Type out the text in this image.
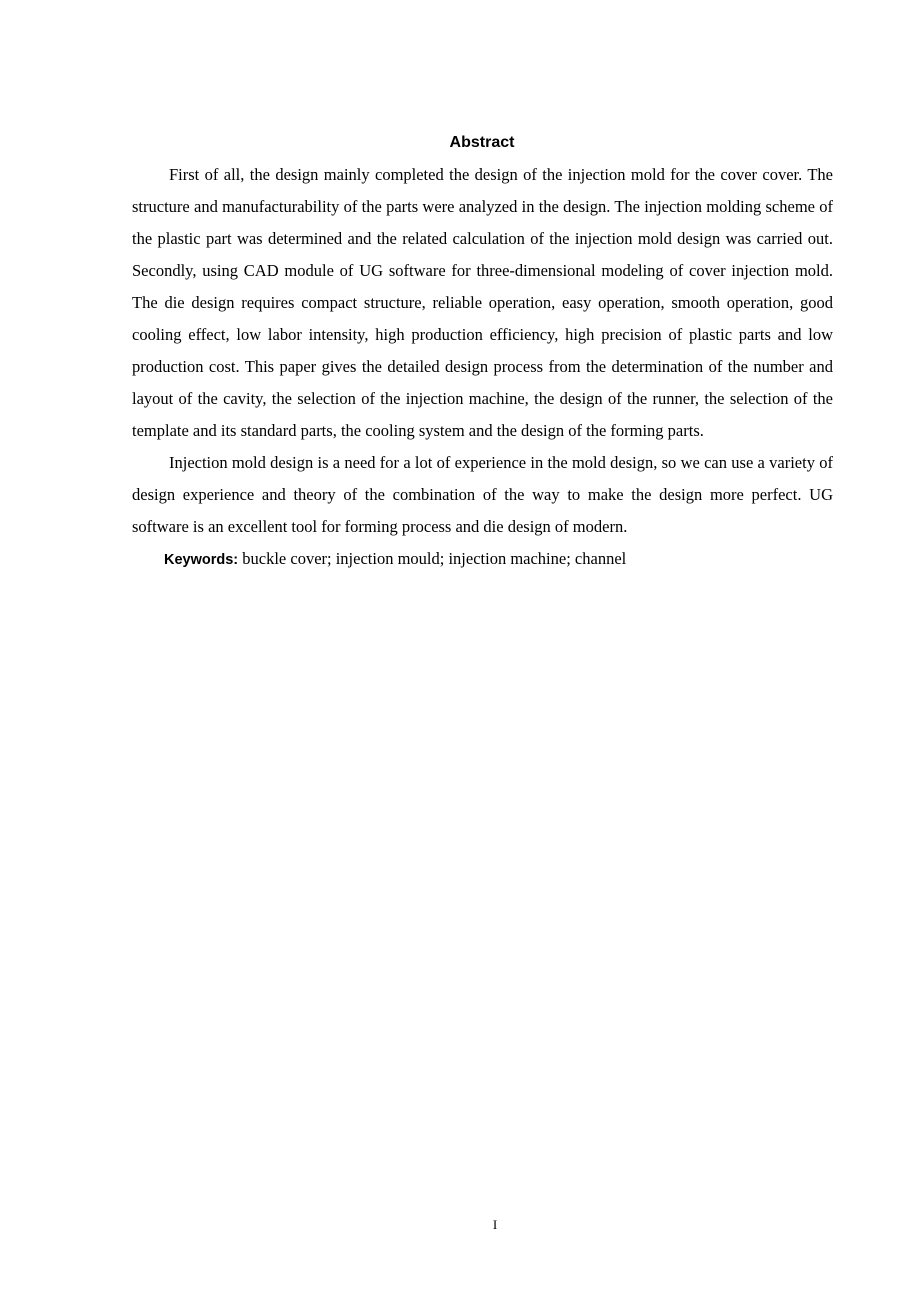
Abstract

First of all, the design mainly completed the design of the injection mold for the cover cover. The structure and manufacturability of the parts were analyzed in the design. The injection molding scheme of the plastic part was determined and the related calculation of the injection mold design was carried out. Secondly, using CAD module of UG software for three-dimensional modeling of cover injection mold. The die design requires compact structure, reliable operation, easy operation, smooth operation, good cooling effect, low labor intensity, high production efficiency, high precision of plastic parts and low production cost. This paper gives the detailed design process from the determination of the number and layout of the cavity, the selection of the injection machine, the design of the runner, the selection of the template and its standard parts, the cooling system and the design of the forming parts.

Injection mold design is a need for a lot of experience in the mold design, so we can use a variety of design experience and theory of the combination of the way to make the design more perfect. UG software is an excellent tool for forming process and die design of modern.

Keywords: buckle cover; injection mould; injection machine; channel

I
